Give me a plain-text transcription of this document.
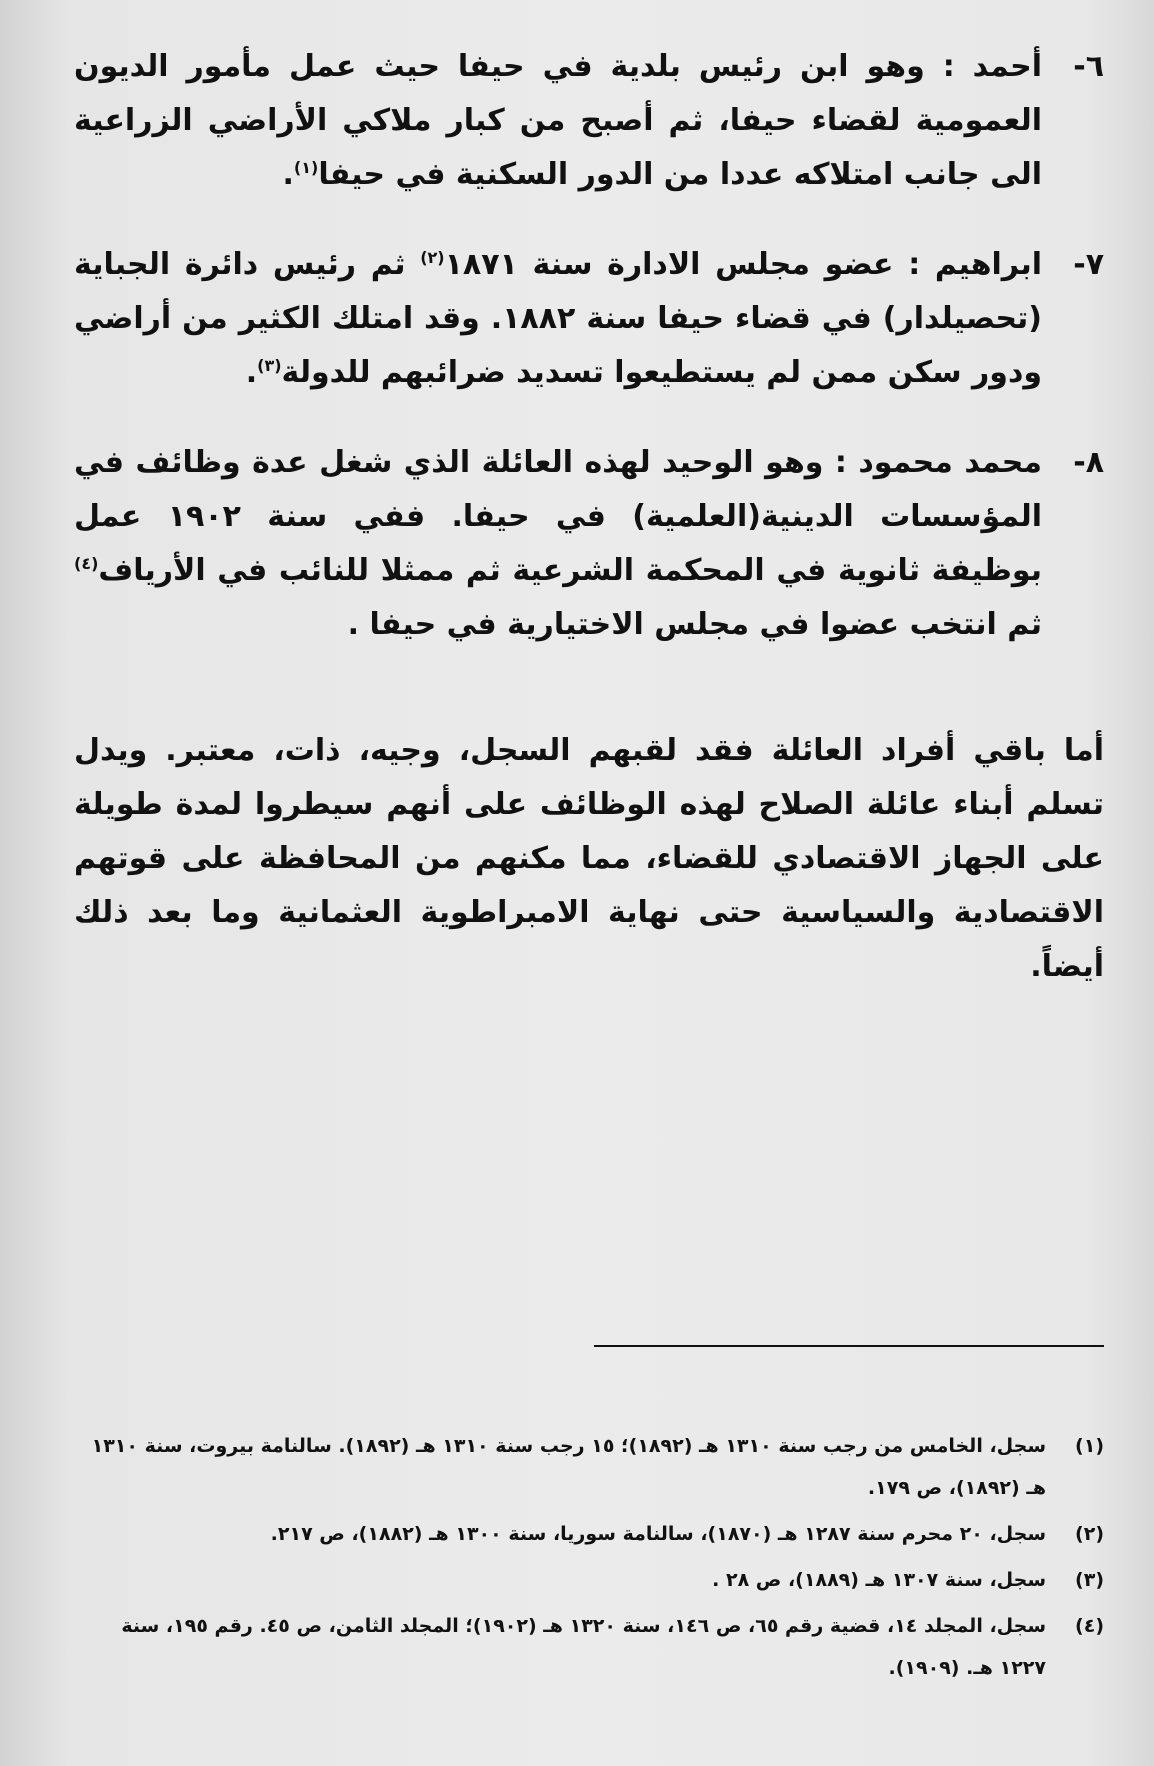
٦-
أحمد : وهو ابن رئيس بلدية في حيفا حيث عمل مأمور الديون العمومية لقضاء حيفا، ثم أصبح من كبار ملاكي الأراضي الزراعية الى جانب امتلاكه عددا من الدور السكنية في حيفا$^{(١)}$.
٧-
ابراهيم : عضو مجلس الادارة سنة ١٨٧١$^{(٢)}$ ثم رئيس دائرة الجباية (تحصيلدار) في قضاء حيفا سنة ١٨٨٢. وقد امتلك الكثير من أراضي ودور سكن ممن لم يستطيعوا تسديد ضرائبهم للدولة$^{(٣)}$.
٨-
محمد محمود : وهو الوحيد لهذه العائلة الذي شغل عدة وظائف في المؤسسات الدينية(العلمية) في حيفا. ففي سنة ١٩٠٢ عمل بوظيفة ثانوية في المحكمة الشرعية ثم ممثلا للنائب في الأرياف$^{(٤)}$ ثم انتخب عضوا في مجلس الاختيارية في حيفا .
أما باقي أفراد العائلة فقد لقبهم السجل، وجيه، ذات، معتبر. ويدل تسلم أبناء عائلة الصلاح لهذه الوظائف على أنهم سيطروا لمدة طويلة على الجهاز الاقتصادي للقضاء، مما مكنهم من المحافظة على قوتهم الاقتصادية والسياسية حتى نهاية الامبراطوية العثمانية وما بعد ذلك أيضاً.
(١)
سجل، الخامس من رجب سنة ١٣١٠ هـ (١٨٩٢)؛ ١٥ رجب سنة ١٣١٠ هـ (١٨٩٢). سالنامة بيروت، سنة ١٣١٠ هـ (١٨٩٢)، ص ١٧٩.
(٢)
سجل، ٢٠ محرم سنة ١٢٨٧ هـ (١٨٧٠)، سالنامة سوريا، سنة ١٣٠٠ هـ (١٨٨٢)، ص ٢١٧.
(٣)
سجل، سنة ١٣٠٧ هـ (١٨٨٩)، ص ٢٨ .
(٤)
سجل، المجلد ١٤، قضية رقم ٦٥، ص ١٤٦، سنة ١٣٢٠ هـ (١٩٠٢)؛ المجلد الثامن، ص ٤٥. رقم ١٩٥، سنة ١٢٢٧ هـ. (١٩٠٩).
